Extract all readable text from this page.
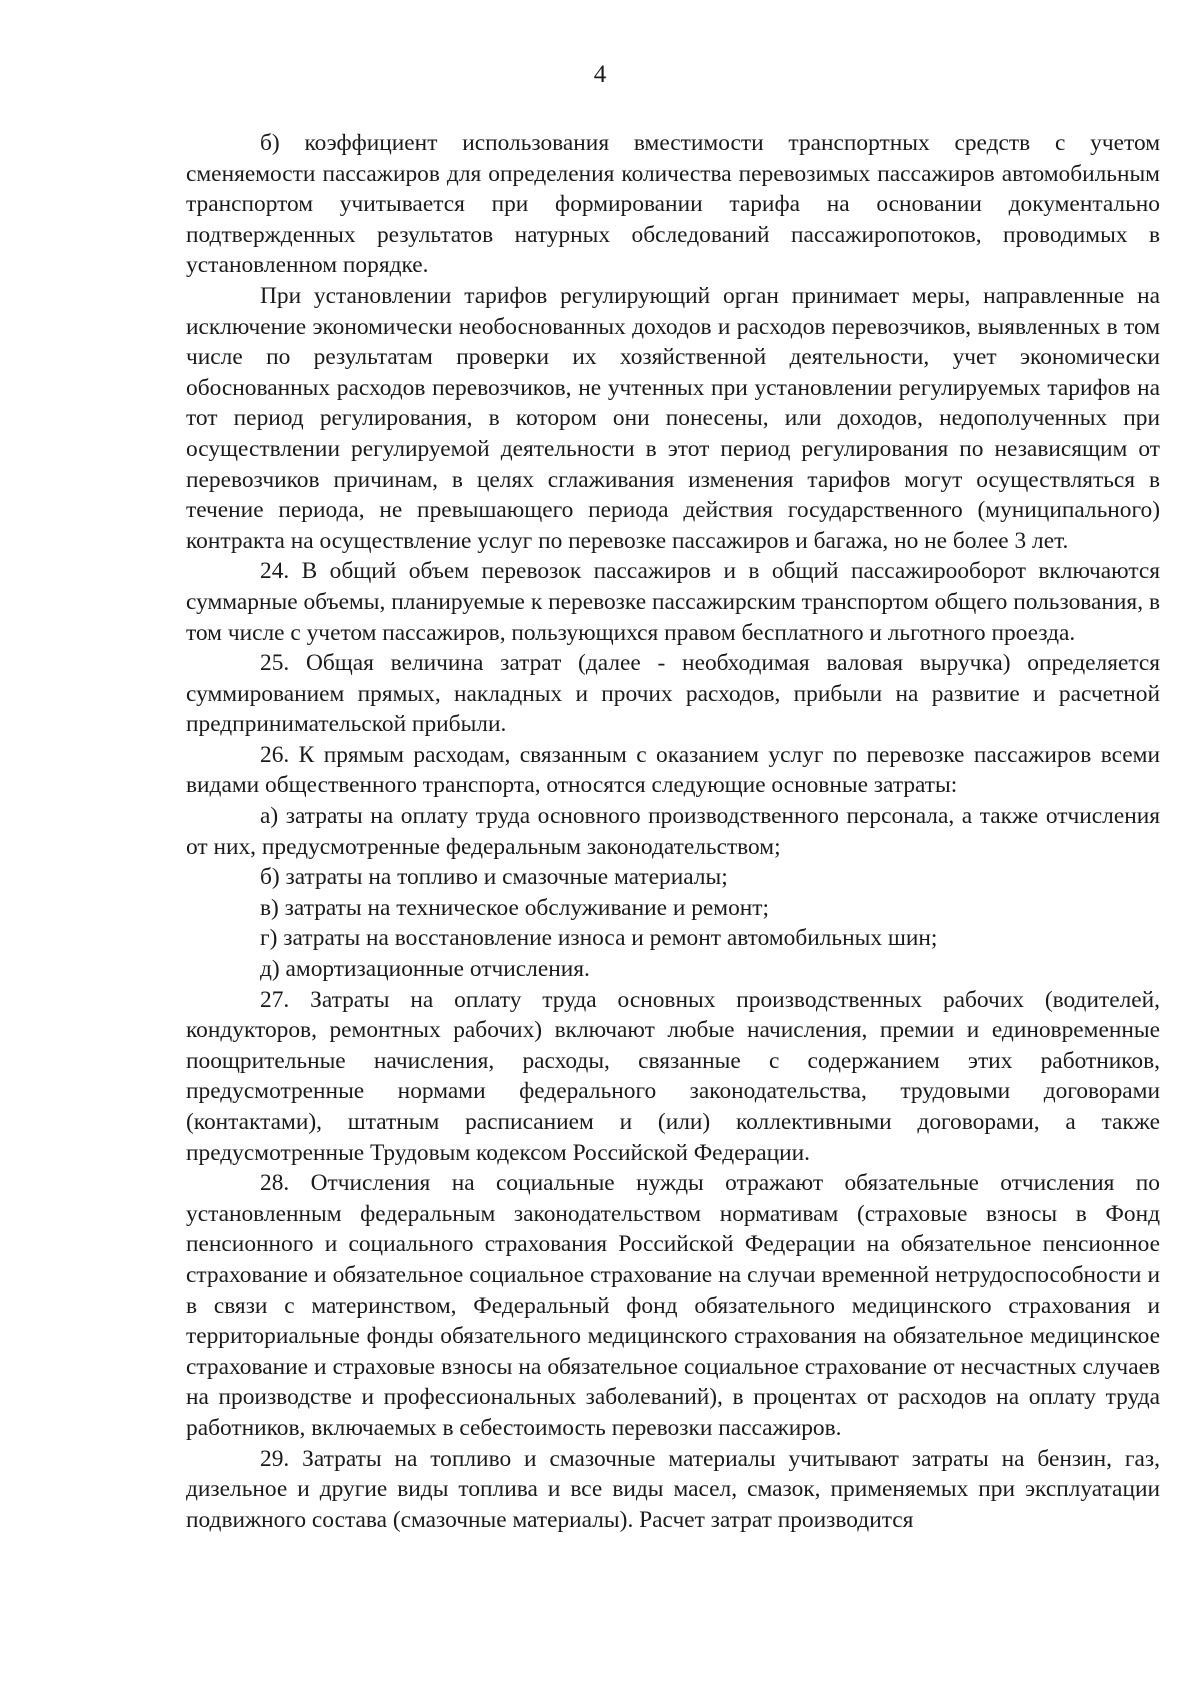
4

б) коэффициент использования вместимости транспортных средств с учетом сменяемости пассажиров для определения количества перевозимых пассажиров автомобильным транспортом учитывается при формировании тарифа на основании документально подтвержденных результатов натурных обследований пассажиропотоков, проводимых в установленном порядке.

При установлении тарифов регулирующий орган принимает меры, направленные на исключение экономически необоснованных доходов и расходов перевозчиков, выявленных в том числе по результатам проверки их хозяйственной деятельности, учет экономически обоснованных расходов перевозчиков, не учтенных при установлении регулируемых тарифов на тот период регулирования, в котором они понесены, или доходов, недополученных при осуществлении регулируемой деятельности в этот период регулирования по независящим от перевозчиков причинам, в целях сглаживания изменения тарифов могут осуществляться в течение периода, не превышающего периода действия государственного (муниципального) контракта на осуществление услуг по перевозке пассажиров и багажа, но не более 3 лет.

24. В общий объем перевозок пассажиров и в общий пассажирооборот включаются суммарные объемы, планируемые к перевозке пассажирским транспортом общего пользования, в том числе с учетом пассажиров, пользующихся правом бесплатного и льготного проезда.

25. Общая величина затрат (далее - необходимая валовая выручка) определяется суммированием прямых, накладных и прочих расходов, прибыли на развитие и расчетной предпринимательской прибыли.

26. К прямым расходам, связанным с оказанием услуг по перевозке пассажиров всеми видами общественного транспорта, относятся следующие основные затраты:

а) затраты на оплату труда основного производственного персонала, а также отчисления от них, предусмотренные федеральным законодательством;

б) затраты на топливо и смазочные материалы;

в) затраты на техническое обслуживание и ремонт;

г) затраты на восстановление износа и ремонт автомобильных шин;

д) амортизационные отчисления.

27. Затраты на оплату труда основных производственных рабочих (водителей, кондукторов, ремонтных рабочих) включают любые начисления, премии и единовременные поощрительные начисления, расходы, связанные с содержанием этих работников, предусмотренные нормами федерального законодательства, трудовыми договорами (контактами), штатным расписанием и (или) коллективными договорами, а также предусмотренные Трудовым кодексом Российской Федерации.

28. Отчисления на социальные нужды отражают обязательные отчисления по установленным федеральным законодательством нормативам (страховые взносы в Фонд пенсионного и социального страхования Российской Федерации на обязательное пенсионное страхование и обязательное социальное страхование на случаи временной нетрудоспособности и в связи с материнством, Федеральный фонд обязательного медицинского страхования и территориальные фонды обязательного медицинского страхования на обязательное медицинское страхование и страховые взносы на обязательное социальное страхование от несчастных случаев на производстве и профессиональных заболеваний), в процентах от расходов на оплату труда работников, включаемых в себестоимость перевозки пассажиров.

29. Затраты на топливо и смазочные материалы учитывают затраты на бензин, газ, дизельное и другие виды топлива и все виды масел, смазок, применяемых при эксплуатации подвижного состава (смазочные материалы). Расчет затрат производится
